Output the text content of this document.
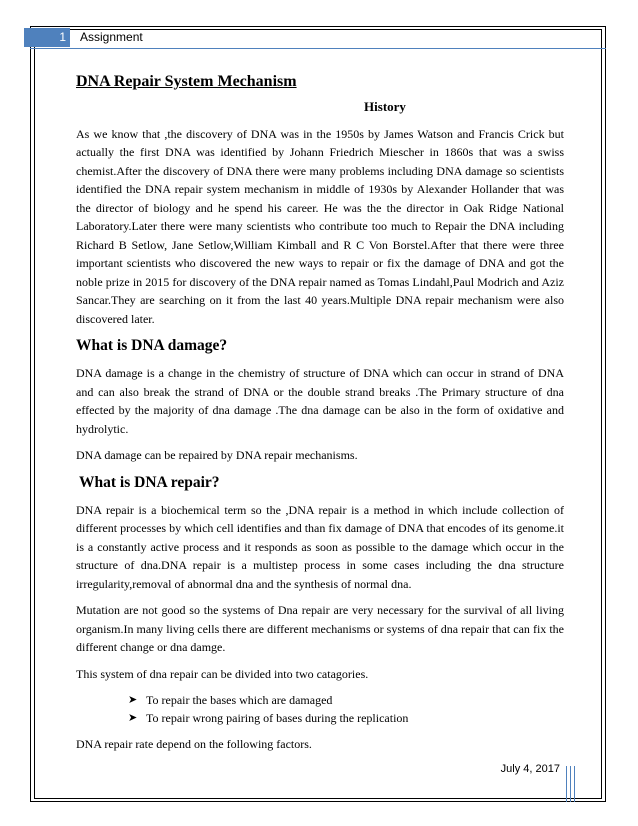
1	Assignment
DNA Repair System Mechanism
History

As we know that ,the discovery of DNA was in the 1950s by James Watson and Francis Crick but actually the first DNA was identified by Johann Friedrich Miescher in 1860s that was a swiss chemist.After the discovery of DNA there were many problems including DNA damage so scientists identified the DNA repair system mechanism in middle of 1930s by Alexander Hollander that was the director of biology and he spend his career. He was the the director in Oak Ridge National Laboratory.Later there were many scientists who contribute too much to Repair the DNA including Richard B Setlow, Jane Setlow,William Kimball and R C Von Borstel.After that there were three important scientists who discovered the new ways to repair or fix the damage of DNA and got the noble prize in 2015 for discovery of the DNA repair named as Tomas Lindahl,Paul Modrich and Aziz Sancar.They are searching on it from the last 40 years.Multiple DNA repair mechanism were also discovered later.

What is DNA damage?

DNA damage is a change in the chemistry of structure of DNA which can occur in strand of DNA and can also break the strand of DNA or the double strand breaks .The Primary structure of dna effected by the majority of dna damage .The dna damage can be also in the form of oxidative and hydrolytic.

DNA damage can be repaired by DNA repair mechanisms.

What is DNA repair?

DNA repair is a biochemical term so the ,DNA repair is a method in which include collection of different processes by which cell identifies and than fix damage of DNA that encodes of its genome.it is a constantly active process and it responds as soon as possible to the damage which occur in the structure of dna.DNA repair is a multistep process in some cases including the dna structure irregularity,removal of abnormal dna and the synthesis of normal dna.

Mutation are not good so the systems of Dna repair are very necessary for the survival of all living organism.In many living cells there are different mechanisms or systems of dna repair that can fix the different change or dna damge.

This system of dna repair can be divided into two catagories.

➤ To repair the bases which are damaged
➤ To repair wrong pairing of bases during the replication

DNA repair rate depend on the following factors.

July 4, 2017
